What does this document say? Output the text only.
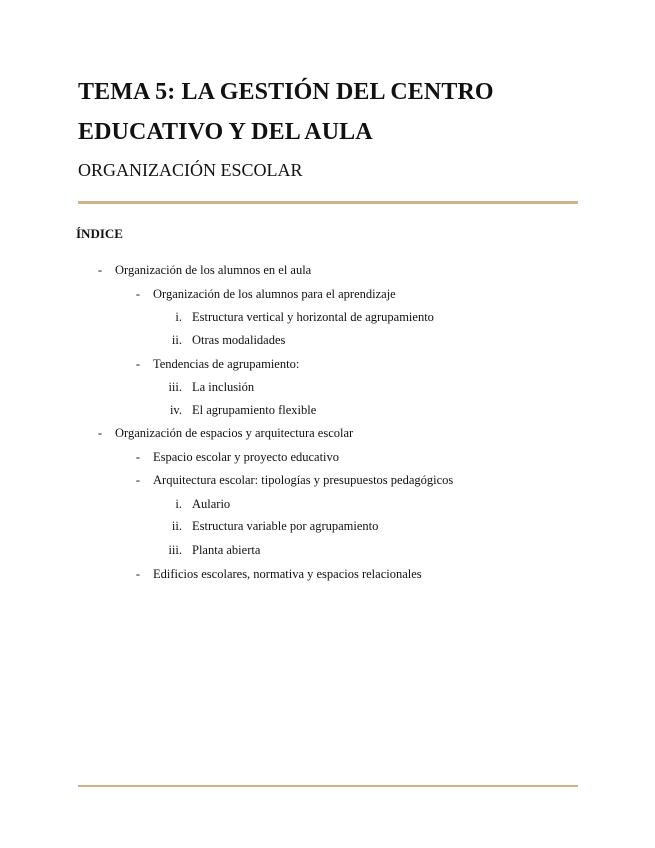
TEMA 5: LA GESTIÓN DEL CENTRO
EDUCATIVO Y DEL AULA
ORGANIZACIÓN ESCOLAR
ÍNDICE
- Organización de los alumnos en el aula
- Organización de los alumnos para el aprendizaje
i. Estructura vertical y horizontal de agrupamiento
ii. Otras modalidades
- Tendencias de agrupamiento:
iii. La inclusión
iv. El agrupamiento flexible
- Organización de espacios y arquitectura escolar
- Espacio escolar y proyecto educativo
- Arquitectura escolar: tipologías y presupuestos pedagógicos
i. Aulario
ii. Estructura variable por agrupamiento
iii. Planta abierta
- Edificios escolares, normativa y espacios relacionales
